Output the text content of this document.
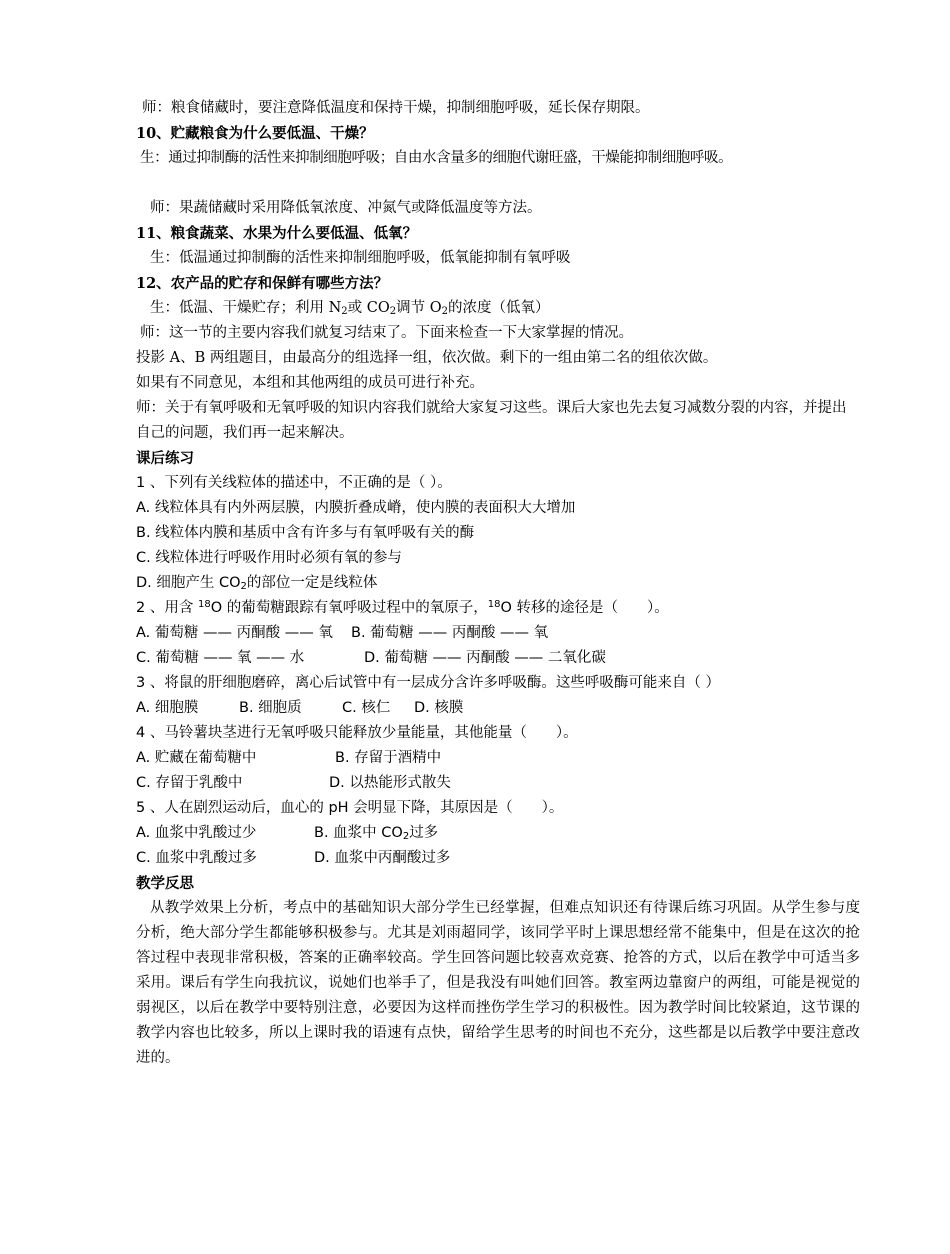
师：粮食储藏时，要注意降低温度和保持干燥，抑制细胞呼吸，延长保存期限。
10、贮藏粮食为什么要低温、干燥？
生：通过抑制酶的活性来抑制细胞呼吸；自由水含量多的细胞代谢旺盛，干燥能抑制细胞呼吸。
师：果蔬储藏时采用降低氧浓度、冲氮气或降低温度等方法。
11、粮食蔬菜、水果为什么要低温、低氧？
生：低温通过抑制酶的活性来抑制细胞呼吸，低氧能抑制有氧呼吸
12、农产品的贮存和保鲜有哪些方法？
生：低温、干燥贮存；利用 $N_2$或 $CO_2$调节 $O_2$的浓度（低氧）
师：这一节的主要内容我们就复习结束了。下面来检查一下大家掌握的情况。
投影 A、B 两组题目，由最高分的组选择一组，依次做。剩下的一组由第二名的组依次做。
如果有不同意见，本组和其他两组的成员可进行补充。
师：关于有氧呼吸和无氧呼吸的知识内容我们就给大家复习这些。课后大家也先去复习减数分裂的内容，并提出自己的问题，我们再一起来解决。
课后练习
1 、下列有关线粒体的描述中，不正确的是（ ）。
A. 线粒体具有内外两层膜，内膜折叠成嵴，使内膜的表面积大大增加
B. 线粒体内膜和基质中含有许多与有氧呼吸有关的酶
C. 线粒体进行呼吸作用时必须有氧的参与
D. 细胞产生 $CO_2$的部位一定是线粒体
2 、用含 $^{18}$O 的葡萄糖跟踪有氧呼吸过程中的氧原子，$^{18}$O 转移的途径是（　　）。
A. 葡萄糖 —— 丙酮酸 —— 氧 B. 葡萄糖 —— 丙酮酸 —— 氧
C. 葡萄糖 —— 氧 —— 水	D. 葡萄糖 —— 丙酮酸 —— 二氧化碳
3 、将鼠的肝细胞磨碎，离心后试管中有一层成分含许多呼吸酶。这些呼吸酶可能来自（ ）
A. 细胞膜	B. 细胞质	C. 核仁 D. 核膜
4 、马铃薯块茎进行无氧呼吸只能释放少量能量，其他能量（　　）。
A. 贮藏在葡萄糖中	B. 存留于酒精中
C. 存留于乳酸中	D. 以热能形式散失
5 、人在剧烈运动后，血心的 pH 会明显下降，其原因是（　　）。
A. 血浆中乳酸过少	B. 血浆中 $CO_2$过多
C. 血浆中乳酸过多	D. 血浆中丙酮酸过多
教学反思
从教学效果上分析，考点中的基础知识大部分学生已经掌握，但难点知识还有待课后练习巩固。从学生参与度分析，绝大部分学生都能够积极参与。尤其是刘雨超同学，该同学平时上课思想经常不能集中，但是在这次的抢答过程中表现非常积极，答案的正确率较高。学生回答问题比较喜欢竞赛、抢答的方式，以后在教学中可适当多采用。课后有学生向我抗议，说她们也举手了，但是我没有叫她们回答。教室两边靠窗户的两组，可能是视觉的弱视区，以后在教学中要特别注意，必要因为这样而挫伤学生学习的积极性。因为教学时间比较紧迫，这节课的教学内容也比较多，所以上课时我的语速有点快，留给学生思考的时间也不充分，这些都是以后教学中要注意改进的。
